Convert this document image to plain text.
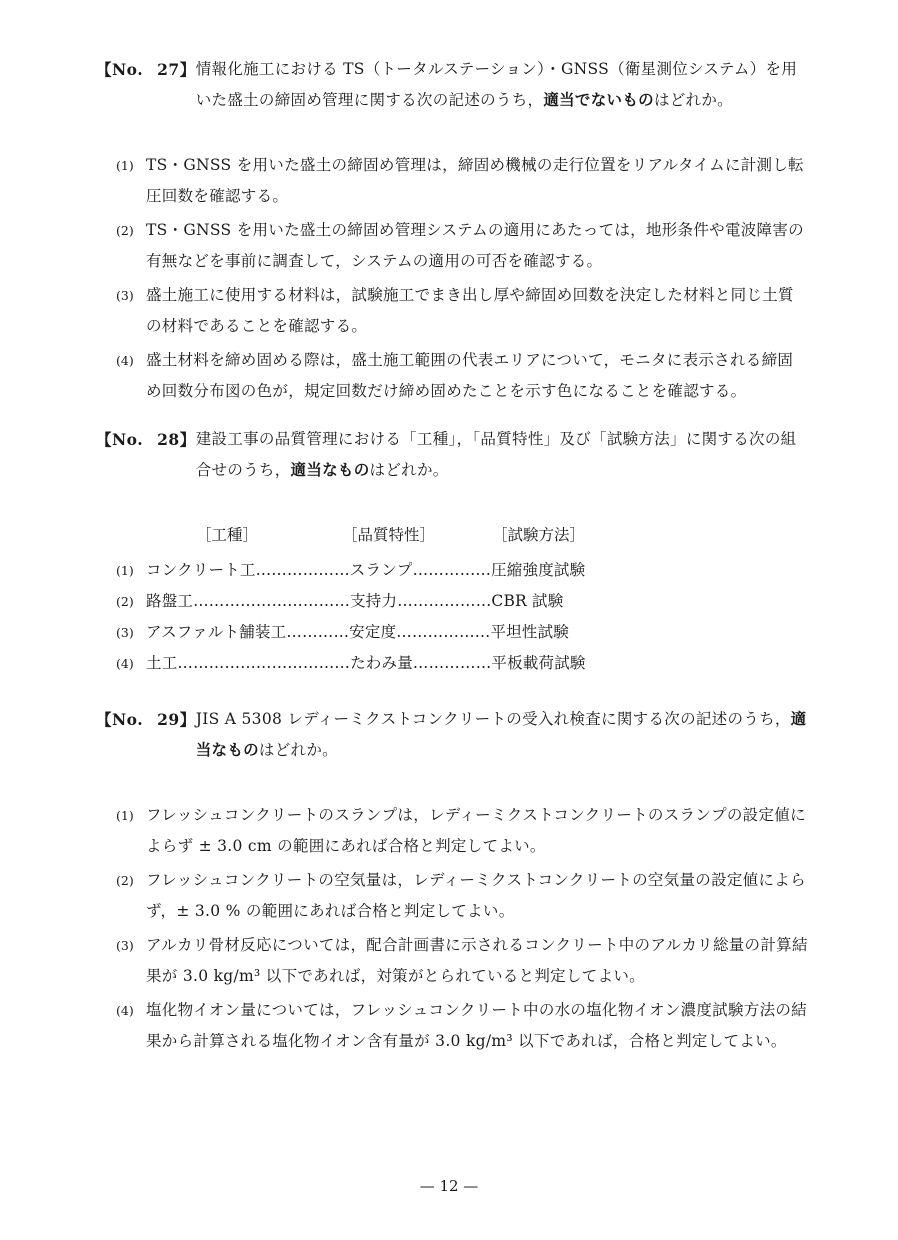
【No. 27】 情報化施工における TS（トータルステーション）・GNSS（衛星測位システム）を用いた盛土の締固め管理に関する次の記述のうち，適当でないものはどれか。
(1) TS・GNSS を用いた盛土の締固め管理は，締固め機械の走行位置をリアルタイムに計測し転圧回数を確認する。
(2) TS・GNSS を用いた盛土の締固め管理システムの適用にあたっては，地形条件や電波障害の有無などを事前に調査して，システムの適用の可否を確認する。
(3) 盛土施工に使用する材料は，試験施工でまき出し厚や締固め回数を決定した材料と同じ土質の材料であることを確認する。
(4) 盛土材料を締め固める際は，盛土施工範囲の代表エリアについて，モニタに表示される締固め回数分布図の色が，規定回数だけ締め固めたことを示す色になることを確認する。
【No. 28】 建設工事の品質管理における「工種」，「品質特性」及び「試験方法」に関する次の組合せのうち，適当なものはどれか。
［工種］	［品質特性］	［試験方法］
(1) コンクリート工………………スランプ……………圧縮強度試験
(2) 路盤工…………………………支持力………………CBR 試験
(3) アスファルト舗装工…………安定度………………平坦性試験
(4) 土工……………………………たわみ量……………平板載荷試験
【No. 29】 JIS A 5308 レディーミクストコンクリートの受入れ検査に関する次の記述のうち，適当なものはどれか。
(1) フレッシュコンクリートのスランプは，レディーミクストコンクリートのスランプの設定値によらず ± 3.0 cm の範囲にあれば合格と判定してよい。
(2) フレッシュコンクリートの空気量は，レディーミクストコンクリートの空気量の設定値によらず，± 3.0 % の範囲にあれば合格と判定してよい。
(3) アルカリ骨材反応については，配合計画書に示されるコンクリート中のアルカリ総量の計算結果が 3.0 kg/m³ 以下であれば，対策がとられていると判定してよい。
(4) 塩化物イオン量については，フレッシュコンクリート中の水の塩化物イオン濃度試験方法の結果から計算される塩化物イオン含有量が 3.0 kg/m³ 以下であれば，合格と判定してよい。
— 12 —
